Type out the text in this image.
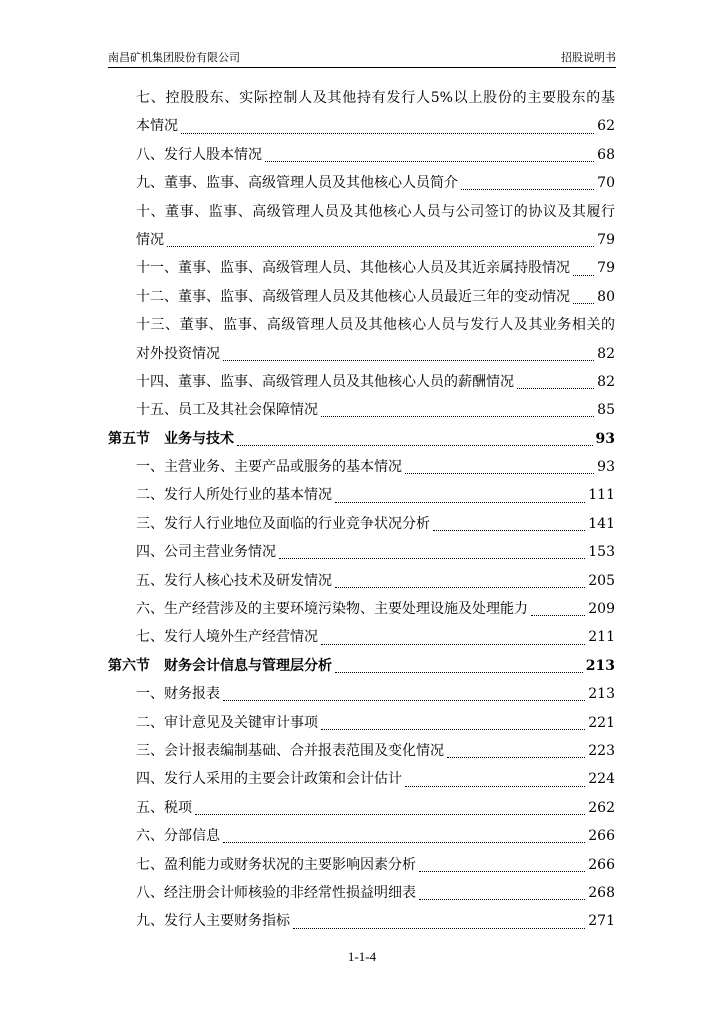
南昌矿机集团股份有限公司	招股说明书
七、控股股东、实际控制人及其他持有发行人5%以上股份的主要股东的基
本情况	62
八、发行人股本情况	68
九、董事、监事、高级管理人员及其他核心人员简介	70
十、董事、监事、高级管理人员及其他核心人员与公司签订的协议及其履行
情况	79
十一、董事、监事、高级管理人员、其他核心人员及其近亲属持股情况 79
十二、董事、监事、高级管理人员及其他核心人员最近三年的变动情况 80
十三、董事、监事、高级管理人员及其他核心人员与发行人及其业务相关的
对外投资情况	82
十四、董事、监事、高级管理人员及其他核心人员的薪酬情况	82
十五、员工及其社会保障情况	85
第五节 业务与技术	93
一、主营业务、主要产品或服务的基本情况	93
二、发行人所处行业的基本情况	111
三、发行人行业地位及面临的行业竞争状况分析	141
四、公司主营业务情况	153
五、发行人核心技术及研发情况	205
六、生产经营涉及的主要环境污染物、主要处理设施及处理能力	209
七、发行人境外生产经营情况	211
第六节 财务会计信息与管理层分析	213
一、财务报表	213
二、审计意见及关键审计事项	221
三、会计报表编制基础、合并报表范围及变化情况	223
四、发行人采用的主要会计政策和会计估计	224
五、税项	262
六、分部信息	266
七、盈利能力或财务状况的主要影响因素分析	266
八、经注册会计师核验的非经常性损益明细表	268
九、发行人主要财务指标	271
1-1-4
